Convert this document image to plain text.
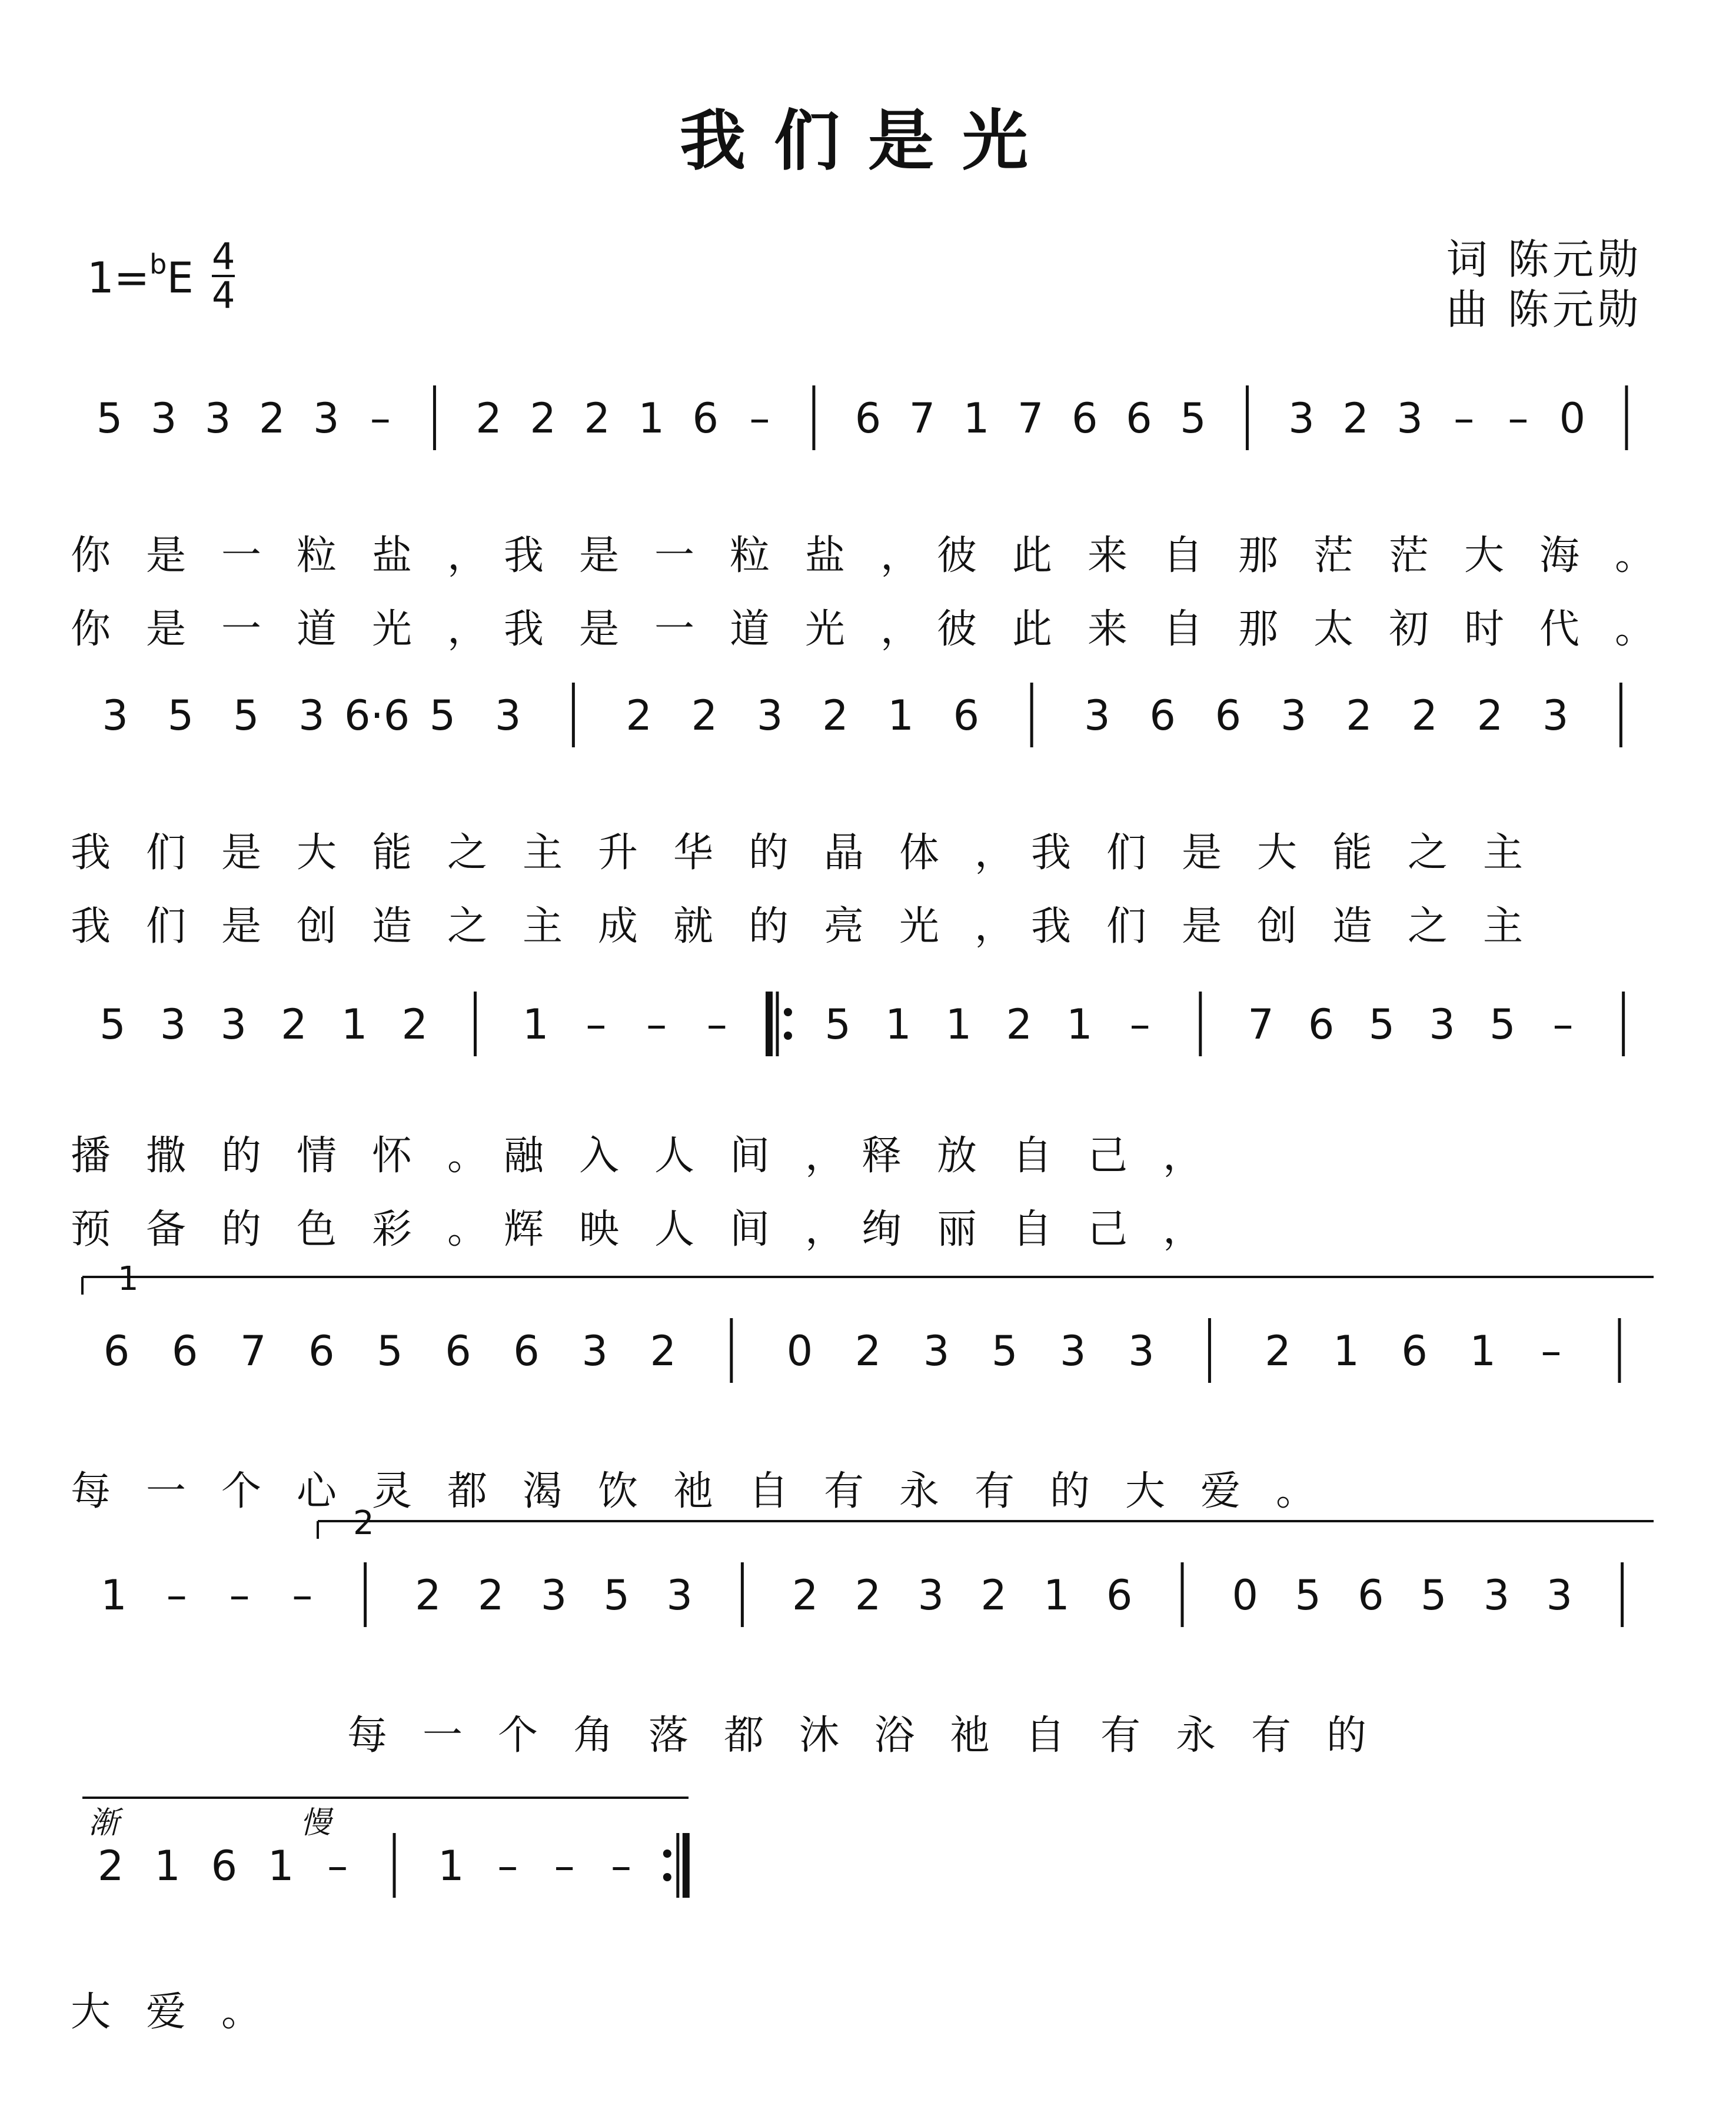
我们是光
词 陈元勋
曲 陈元勋
1=$^b$E 4
4
5 3 3 2 3 – 2 2 2 1 6 – 6 7 1 7 6 6 5 3 2 3 – – 0
3 5 5 3 6·6 5 3	2 2 3 2 1 6	3 6 6 3 2 2 2 3
5 3 3 2 1 2 1 – – – 5 1 1 2 1 – 7 6 5 3 5 –
6 6 7 6 5 6 6 3 2	0 2 3 5 3 3	2 1 6 1 –
1
1 – – – 2 2 3 5 3 2 2 3 2 1 6 0 5 6 5 3 3
2
2 1 6 1 – 1 – – –
渐	慢
你 是 一 粒 盐 ， 我 是 一 粒 盐 ， 彼 此 来 自 那 茫 茫 大 海 。
你 是 一 道 光 ， 我 是 一 道 光 ， 彼 此 来 自 那 太 初 时 代 。
我 们 是 大 能 之 主 升 华 的 晶 体 ， 我 们 是 大 能 之 主
我 们 是 创 造 之 主 成 就 的 亮 光 ， 我 们 是 创 造 之 主
播 撒 的 情 怀 。 融 入 人 间 ， 释 放 自 己 ，
预 备 的 色 彩 。 辉 映 人 间 ， 绚 丽 自 己 ，
每 一 个 心 灵 都 渴 饮 祂 自 有 永 有 的 大 爱 。
每 一 个 角 落 都 沐 浴 祂 自 有 永 有 的
大 爱 。
